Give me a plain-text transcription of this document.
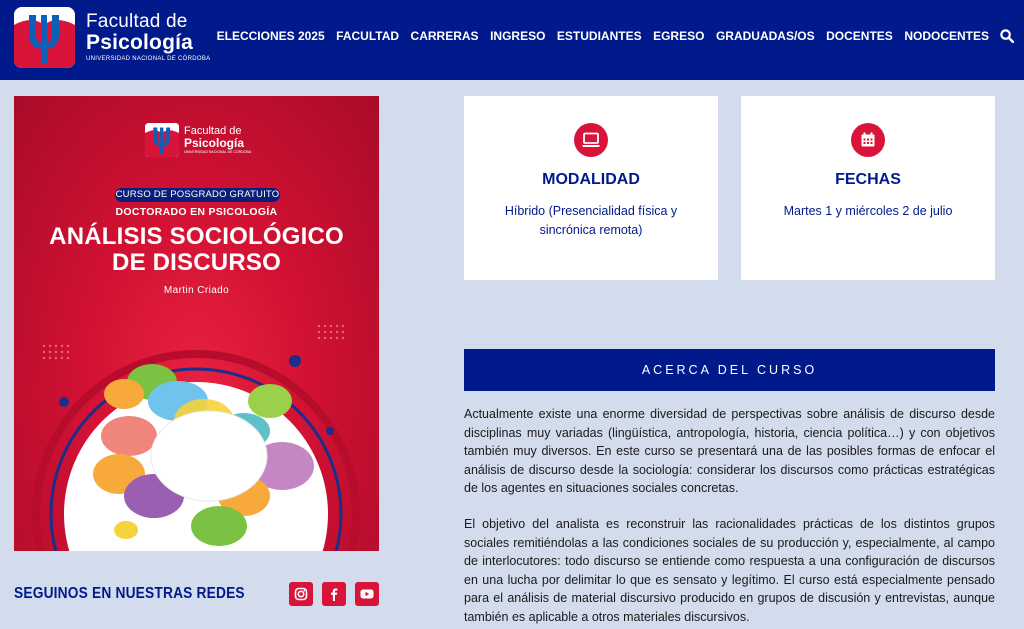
Facultad de
Psicología
UNIVERSIDAD NACIONAL DE CÓRDOBA
ELECCIONES 2025 FACULTAD CARRERAS INGRESO ESTUDIANTES EGRESO GRADUADAS/OS DOCENTES NODOCENTES
Facultad de
Psicología
UNIVERSIDAD NACIONAL DE CÓRDOBA
CURSO DE POSGRADO GRATUITO
DOCTORADO EN PSICOLOGÍA
ANÁLISIS SOCIOLÓGICO
DE DISCURSO
Martin Criado
SEGUINOS EN NUESTRAS REDES
MODALIDAD
Híbrido (Presencialidad física y sincrónica remota)
FECHAS
Martes 1 y miércoles 2 de julio
ACERCA DEL CURSO

Actualmente existe una enorme diversidad de perspectivas sobre análisis de discurso desde disciplinas muy variadas (lingüística, antropología, historia, ciencia política…) y con objetivos también muy diversos. En este curso se presentará una de las posibles formas de enfocar el análisis de discurso desde la sociología: considerar los discursos como prácticas estratégicas de los agentes en situaciones sociales concretas.

El objetivo del analista es reconstruir las racionalidades prácticas de los distintos grupos sociales remitiéndolas a las condiciones sociales de su producción y, especialmente, al campo de interlocutores: todo discurso se entiende como respuesta a una configuración de discursos en una lucha por delimitar lo que es sensato y legítimo. El curso está especialmente pensado para el análisis de material discursivo producido en grupos de discusión y entrevistas, aunque también es aplicable a otros materiales discursivos.
